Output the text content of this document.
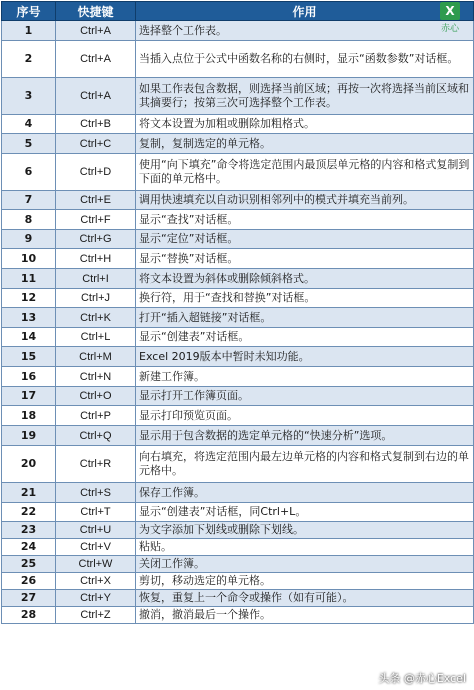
序号	快捷键	作用
1	Ctrl+A	选择整个工作表。
2	Ctrl+A	当插入点位于公式中函数名称的右侧时，显示“函数参数”对话框。
3	Ctrl+A	如果工作表包含数据，则选择当前区域；再按一次将选择当前区域和其摘要行；按第三次可选择整个工作表。
4	Ctrl+B	将文本设置为加粗或删除加粗格式。
5	Ctrl+C	复制，复制选定的单元格。
6	Ctrl+D	使用“向下填充”命令将选定范围内最顶层单元格的内容和格式复制到下面的单元格中。
7	Ctrl+E	调用快速填充以自动识别相邻列中的模式并填充当前列。
8	Ctrl+F	显示“查找”对话框。
9	Ctrl+G	显示“定位”对话框。
10	Ctrl+H	显示“替换”对话框。
11	Ctrl+I	将文本设置为斜体或删除倾斜格式。
12	Ctrl+J	换行符，用于“查找和替换”对话框。
13	Ctrl+K	打开“插入超链接”对话框。
14	Ctrl+L	显示“创建表”对话框。
15	Ctrl+M	Excel 2019版本中暂时未知功能。
16	Ctrl+N	新建工作簿。
17	Ctrl+O	显示打开工作簿页面。
18	Ctrl+P	显示打印预览页面。
19	Ctrl+Q	显示用于包含数据的选定单元格的“快速分析”选项。
20	Ctrl+R	向右填充，将选定范围内最左边单元格的内容和格式复制到右边的单元格中。
21	Ctrl+S	保存工作簿。
22	Ctrl+T	显示“创建表”对话框，同Ctrl+L。
23	Ctrl+U	为文字添加下划线或删除下划线。
24	Ctrl+V	粘贴。
25	Ctrl+W	关闭工作簿。
26	Ctrl+X	剪切，移动选定的单元格。
27	Ctrl+Y	恢复，重复上一个命令或操作（如有可能）。
28	Ctrl+Z	撤消，撤消最后一个操作。
X
赤心
头条 @赤心Excel
